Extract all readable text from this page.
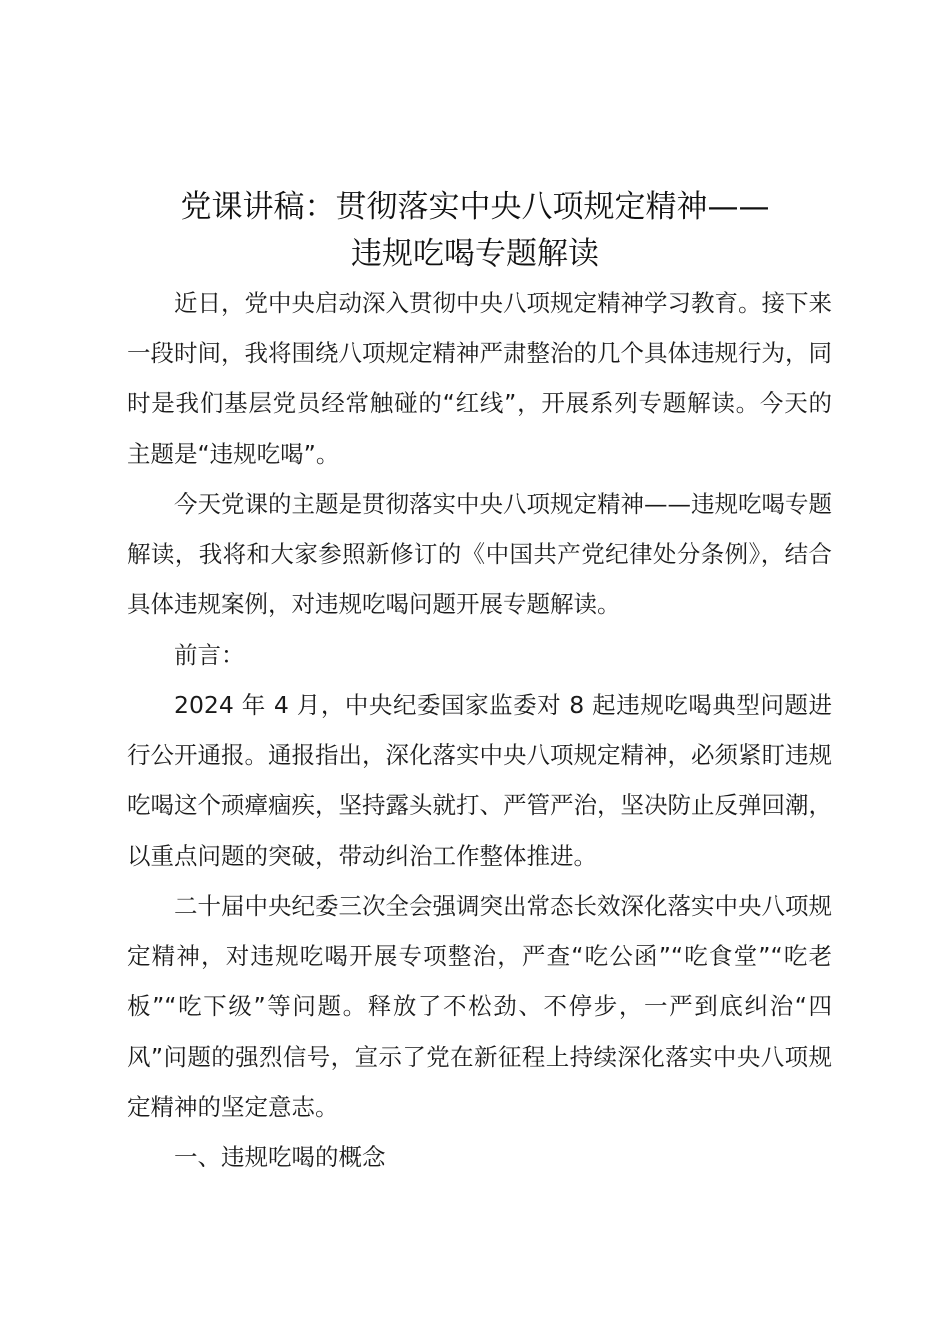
党课讲稿：贯彻落实中央八项规定精神——
违规吃喝专题解读

近日，党中央启动深入贯彻中央八项规定精神学习教育。接下来一段时间，我将围绕八项规定精神严肃整治的几个具体违规行为，同时是我们基层党员经常触碰的“红线”，开展系列专题解读。今天的主题是“违规吃喝”。

今天党课的主题是贯彻落实中央八项规定精神——违规吃喝专题解读，我将和大家参照新修订的《中国共产党纪律处分条例》，结合具体违规案例，对违规吃喝问题开展专题解读。

前言：

2024 年 4 月，中央纪委国家监委对 8 起违规吃喝典型问题进行公开通报。通报指出，深化落实中央八项规定精神，必须紧盯违规吃喝这个顽瘴痼疾，坚持露头就打、严管严治，坚决防止反弹回潮，以重点问题的突破，带动纠治工作整体推进。

二十届中央纪委三次全会强调突出常态长效深化落实中央八项规定精神，对违规吃喝开展专项整治，严查“吃公函”“吃食堂”“吃老板”“吃下级”等问题。释放了不松劲、不停步，一严到底纠治“四风”问题的强烈信号，宣示了党在新征程上持续深化落实中央八项规定精神的坚定意志。

一、违规吃喝的概念
